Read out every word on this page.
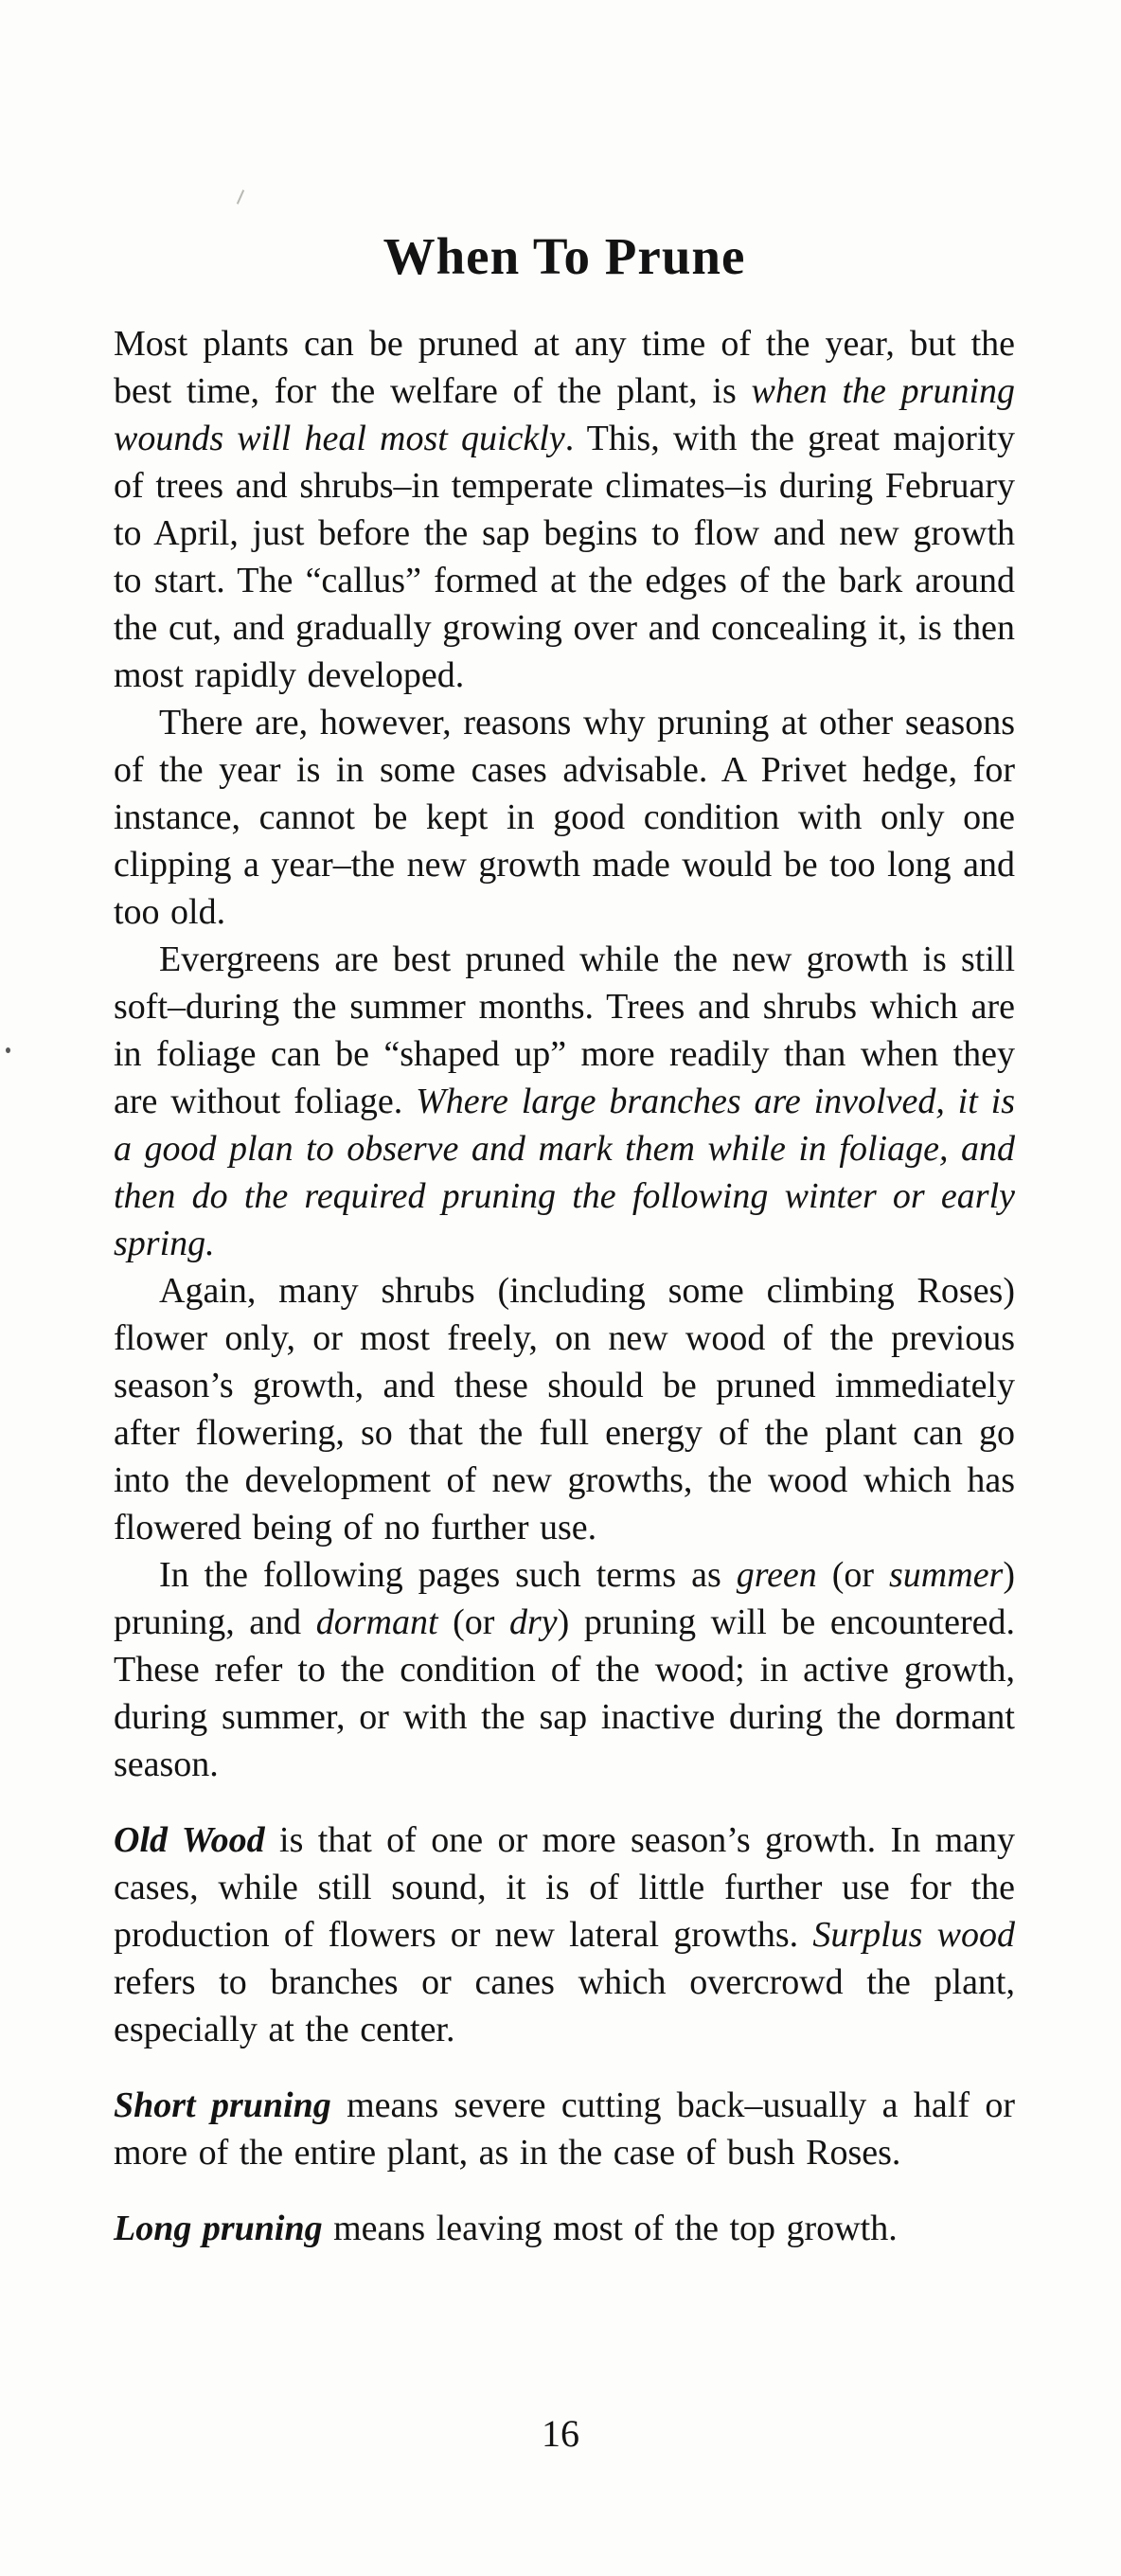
When To Prune

Most plants can be pruned at any time of the year, but the best time, for the welfare of the plant, is when the pruning wounds will heal most quickly. This, with the great majority of trees and shrubs–in temperate climates–is during February to April, just before the sap begins to flow and new growth to start. The “callus” formed at the edges of the bark around the cut, and gradually growing over and concealing it, is then most rapidly developed.

There are, however, reasons why pruning at other seasons of the year is in some cases advisable. A Privet hedge, for instance, cannot be kept in good condition with only one clipping a year–the new growth made would be too long and too old.

Evergreens are best pruned while the new growth is still soft–during the summer months. Trees and shrubs which are in foliage can be “shaped up” more readily than when they are without foliage. Where large branches are involved, it is a good plan to observe and mark them while in foliage, and then do the required pruning the following winter or early spring.

Again, many shrubs (including some climbing Roses) flower only, or most freely, on new wood of the previous season’s growth, and these should be pruned immediately after flowering, so that the full energy of the plant can go into the development of new growths, the wood which has flowered being of no further use.

In the following pages such terms as green (or summer) pruning, and dormant (or dry) pruning will be encountered. These refer to the condition of the wood; in active growth, during summer, or with the sap inactive during the dormant season.

Old Wood is that of one or more season’s growth. In many cases, while still sound, it is of little further use for the production of flowers or new lateral growths. Surplus wood refers to branches or canes which overcrowd the plant, especially at the center.

Short pruning means severe cutting back–usually a half or more of the entire plant, as in the case of bush Roses.

Long pruning means leaving most of the top growth.

16
